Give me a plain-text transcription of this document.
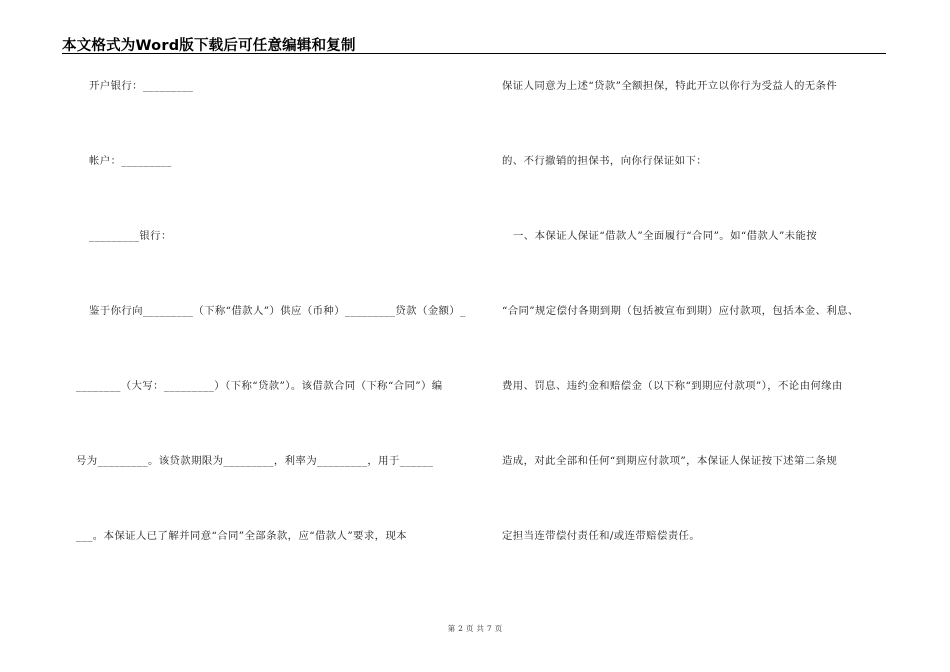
本文格式为Word版下载后可任意编辑和复制
开户银行：_________
帐户：_________
_________银行：
鉴于你行向_________（下称“借款人”）供应（币种）_________贷款（金额）_
________（大写：_________）（下称“贷款”）。该借款合同（下称“合同”）编
号为_________。该贷款期限为_________，利率为_________，用于______
___。本保证人已了解并同意“合同”全部条款，应“借款人”要求，现本
保证人同意为上述“贷款”全额担保，特此开立以你行为受益人的无条件
的、不行撤销的担保书，向你行保证如下：
一、本保证人保证“借款人”全面履行“合同”。如“借款人”未能按
“合同”规定偿付各期到期（包括被宣布到期）应付款项，包括本金、利息、
费用、罚息、违约金和赔偿金（以下称“到期应付款项”），不论由何缘由
造成，对此全部和任何“到期应付款项”，本保证人保证按下述第二条规
定担当连带偿付责任和/或连带赔偿责任。
第 2 页 共 7 页
